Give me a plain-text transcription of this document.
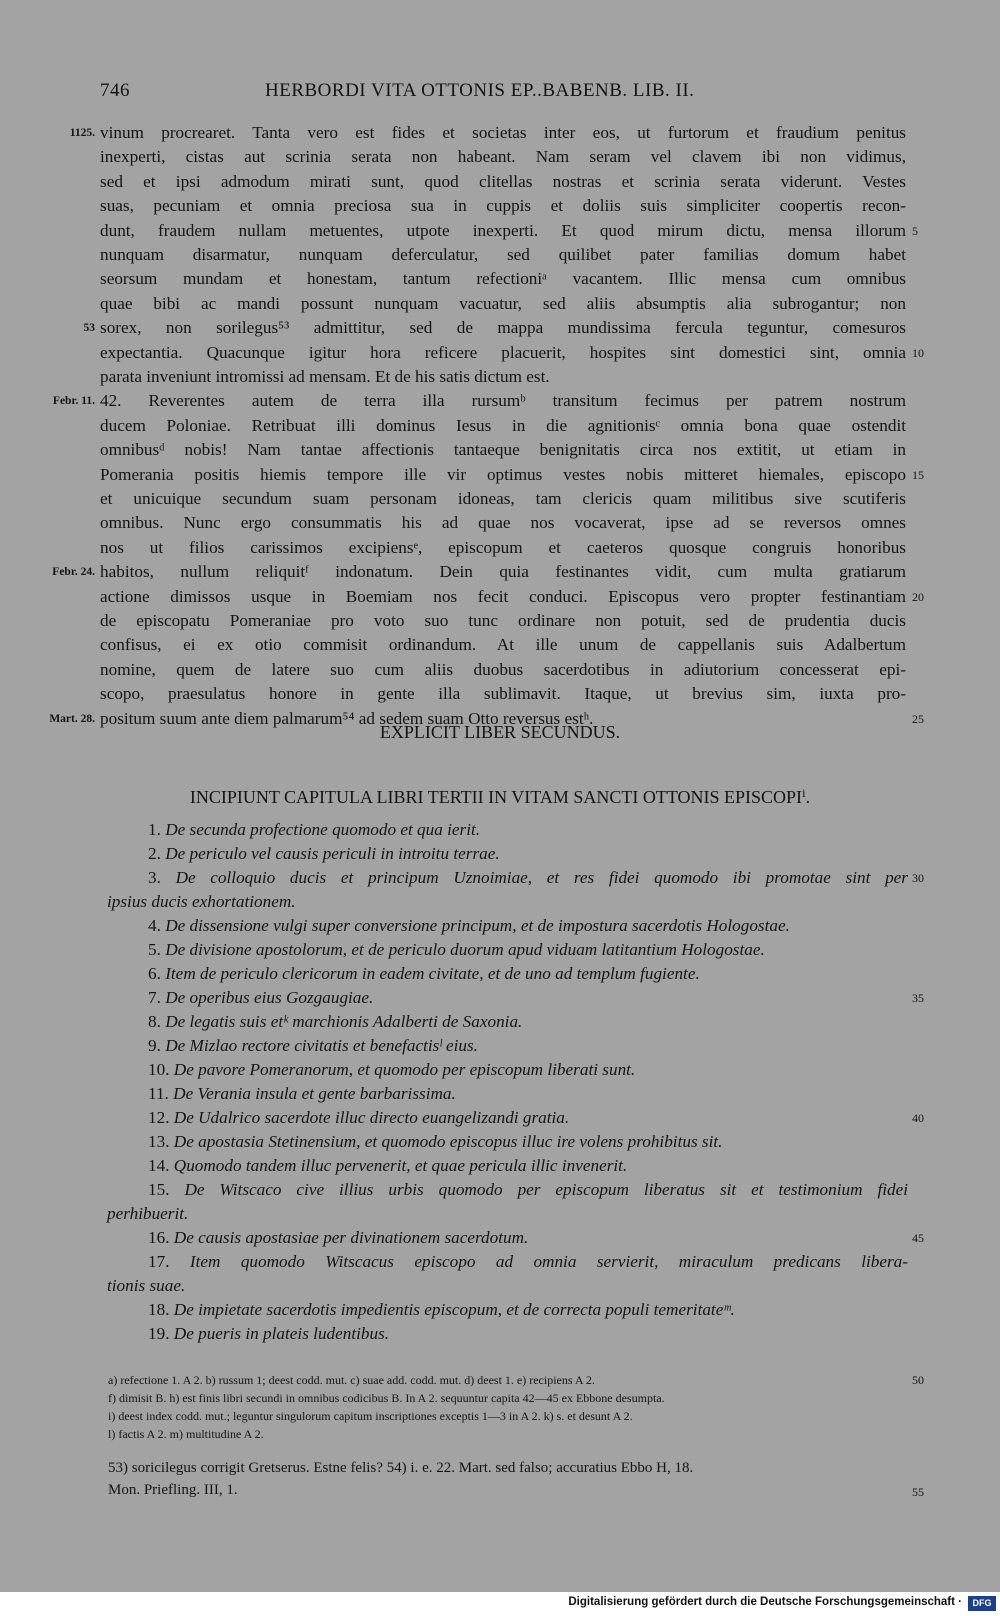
746	HERBORDI VITA OTTONIS EP..BABENB. LIB. II.
vinum procrearet. Tanta vero est fides et societas inter eos, ut furtorum et fraudium penitus
1125.
inexperti, cistas aut scrinia serata non habeant. Nam seram vel clavem ibi non vidimus,
sed et ipsi admodum mirati sunt, quod clitellas nostras et scrinia serata viderunt. Vestes
suas, pecuniam et omnia preciosa sua in cuppis et doliis suis simpliciter coopertis recon-
dunt, fraudem nullam metuentes, utpote inexperti. Et quod mirum dictu, mensa illorum 5
nunquam disarmatur, nunquam deferculatur, sed quilibet pater familias domum habet
seorsum mundam et honestam, tantum refectioniᵃ vacantem. Illic mensa cum omnibus
quae bibi ac mandi possunt nunquam vacuatur, sed aliis absumptis alia subrogantur; non
sorex, non sorilegus⁵³ admittitur, sed de mappa mundissima fercula teguntur, comesuros
53
expectantia. Quacunque igitur hora reficere placuerit, hospites sint domestici sint, omnia 10
parata inveniunt intromissi ad mensam. Et de his satis dictum est.
42. Reverentes autem de terra illa rursumᵇ transitum fecimus per patrem nostrum
Febr. 11.
ducem Poloniae. Retribuat illi dominus Iesus in die agnitionisᶜ omnia bona quae ostendit
omnibusᵈ nobis! Nam tantae affectionis tantaeque benignitatis circa nos extitit, ut etiam in
Pomerania positis hiemis tempore ille vir optimus vestes nobis mitteret hiemales, episcopo 15
et unicuique secundum suam personam idoneas, tam clericis quam militibus sive scutiferis
omnibus. Nunc ergo consummatis his ad quae nos vocaverat, ipse ad se reversos omnes
nos ut filios carissimos excipiensᵉ, episcopum et caeteros quosque congruis honoribus
habitos, nullum reliquitᶠ indonatum. Dein quia festinantes vidit, cum multa gratiarum
Febr. 24.
actione dimissos usque in Boemiam nos fecit conduci. Episcopus vero propter festinantiam 20
de episcopatu Pomeraniae pro voto suo tunc ordinare non potuit, sed de prudentia ducis
confisus, ei ex otio commisit ordinandum. At ille unum de cappellanis suis Adalbertum
nomine, quem de latere suo cum aliis duobus sacerdotibus in adiutorium concesserat epi-
scopo, praesulatus honore in gente illa sublimavit. Itaque, ut brevius sim, iuxta pro-
positum suum ante diem palmarum⁵⁴ ad sedem suam Otto reversus estʰ.
Mart. 28.	25
EXPLICIT LIBER SECUNDUS.
INCIPIUNT CAPITULA LIBRI TERTII IN VITAM SANCTI OTTONIS EPISCOPIⁱ.
1. De secunda profectione quomodo et qua ierit.
2. De periculo vel causis periculi in introitu terrae.
3. De colloquio ducis et principum Uznoimiae, et res fidei quomodo ibi promotae sint per 30
ipsius ducis exhortationem.
4. De dissensione vulgi super conversione principum, et de impostura sacerdotis Hologostae.
5. De divisione apostolorum, et de periculo duorum apud viduam latitantium Hologostae.
6. Item de periculo clericorum in eadem civitate, et de uno ad templum fugiente.
7. De operibus eius Gozgaugiae.	35
8. De legatis suis etᵏ marchionis Adalberti de Saxonia.
9. De Mizlao rectore civitatis et benefactisˡ eius.
10. De pavore Pomeranorum, et quomodo per episcopum liberati sunt.
11. De Verania insula et gente barbarissima.
12. De Udalrico sacerdote illuc directo euangelizandi gratia.	40
13. De apostasia Stetinensium, et quomodo episcopus illuc ire volens prohibitus sit.
14. Quomodo tandem illuc pervenerit, et quae pericula illic invenerit.
15. De Witscaco cive illius urbis quomodo per episcopum liberatus sit et testimonium fidei
perhibuerit.
16. De causis apostasiae per divinationem sacerdotum.	45
17. Item quomodo Witscacus episcopo ad omnia servierit, miraculum predicans libera-
tionis suae.
18. De impietate sacerdotis impedientis episcopum, et de correcta populi temeritateᵐ.
19. De pueris in plateis ludentibus.
a) refectione 1. A 2. b) russum 1; deest codd. mut. c) suae add. codd. mut. d) deest 1. e) recipiens A 2.	50
f) dimisit B. h) est finis libri secundi in omnibus codicibus B. In A 2. sequuntur capita 42—45 ex Ebbone desumpta.
i) deest index codd. mut.; leguntur singulorum capitum inscriptiones exceptis 1—3 in A 2. k) s. et desunt A 2.
l) factis A 2. m) multitudine A 2.
53) soricilegus corrigit Gretserus. Estne felis? 54) i. e. 22. Mart. sed falso; accuratius Ebbo H, 18.
Mon. Priefling. III, 1.	55
Digitalisierung gefördert durch die Deutsche Forschungsgemeinschaft ·	DFG
